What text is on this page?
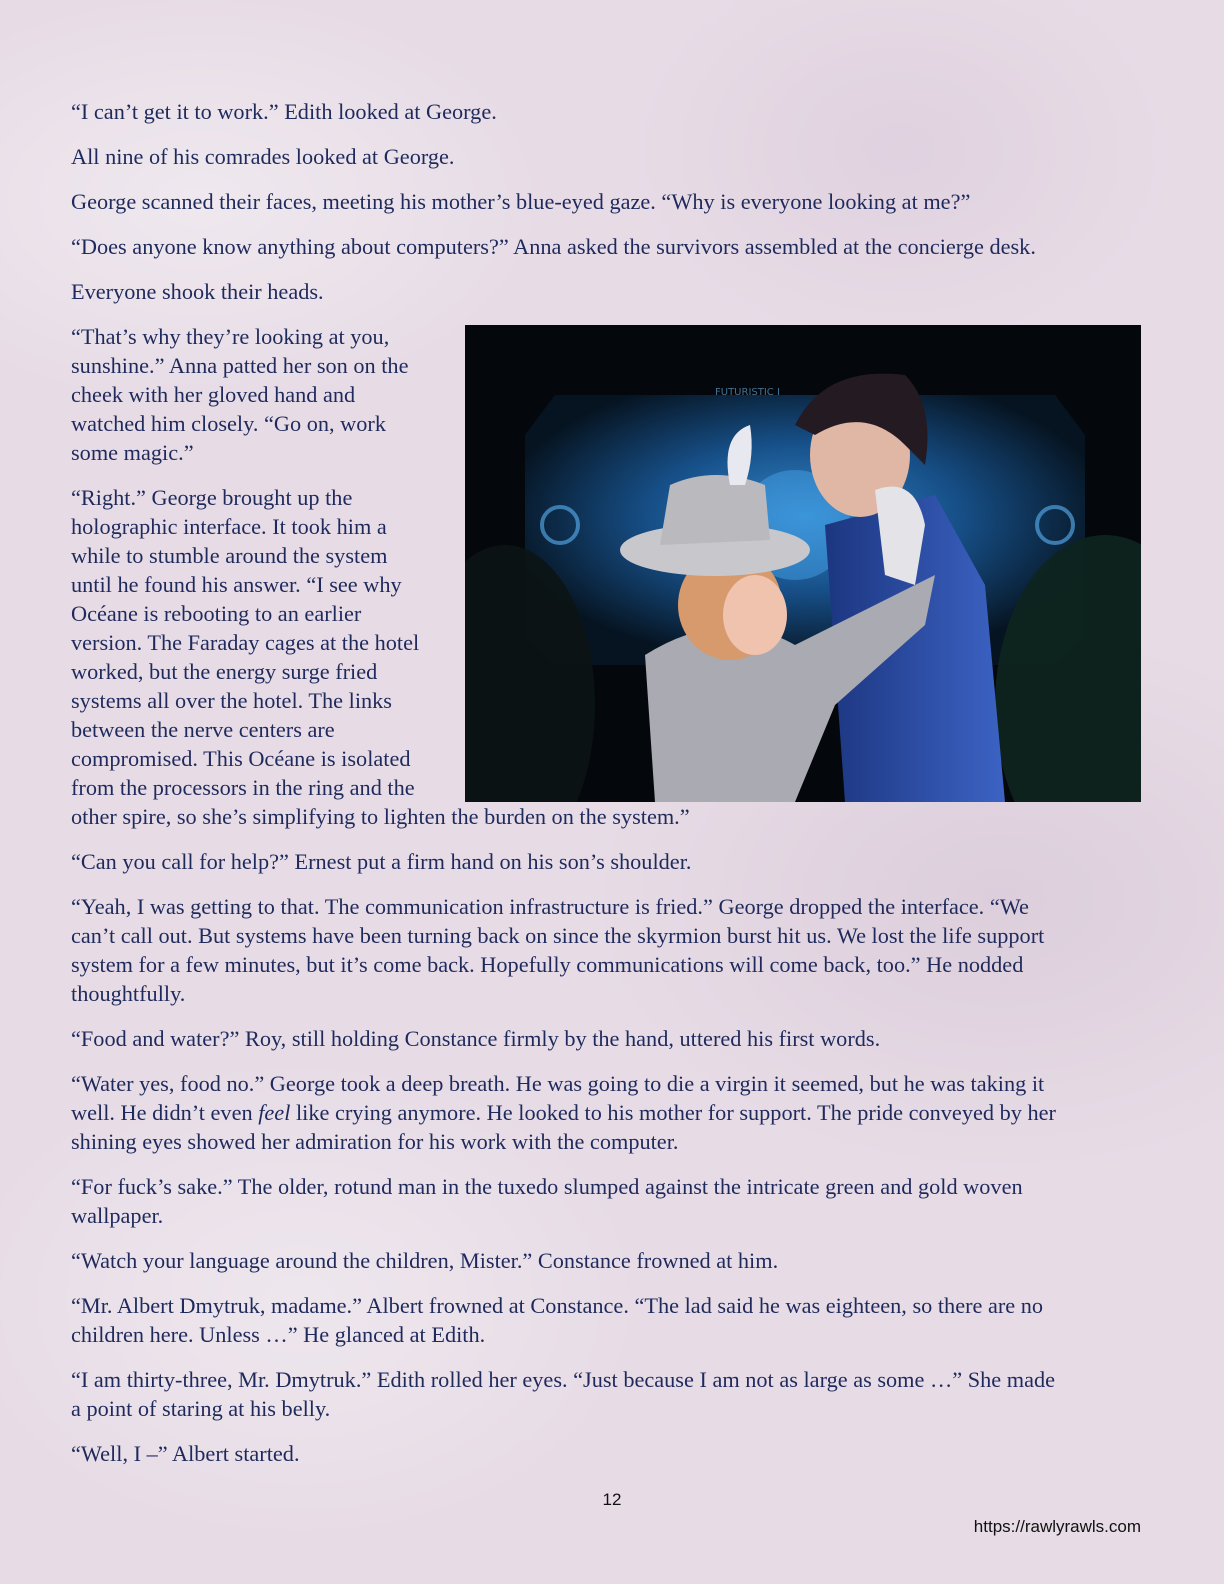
“I can’t get it to work.” Edith looked at George.
All nine of his comrades looked at George.
George scanned their faces, meeting his mother’s blue-eyed gaze. “Why is everyone looking at me?”
“Does anyone know anything about computers?” Anna asked the survivors assembled at the concierge desk.
Everyone shook their heads.
“That’s why they’re looking at you,
sunshine.” Anna patted her son on the
cheek with her gloved hand and
watched him closely. “Go on, work
some magic.”
“Right.” George brought up the
holographic interface. It took him a
while to stumble around the system
until he found his answer. “I see why
Océane is rebooting to an earlier
version. The Faraday cages at the hotel
worked, but the energy surge fried
systems all over the hotel. The links
between the nerve centers are
compromised. This Océane is isolated
from the processors in the ring and the
other spire, so she’s simplifying to lighten the burden on the system.”
“Can you call for help?” Ernest put a firm hand on his son’s shoulder.
“Yeah, I was getting to that. The communication infrastructure is fried.” George dropped the interface. “We
can’t call out. But systems have been turning back on since the skyrmion burst hit us. We lost the life support
system for a few minutes, but it’s come back. Hopefully communications will come back, too.” He nodded
thoughtfully.
“Food and water?” Roy, still holding Constance firmly by the hand, uttered his first words.
“Water yes, food no.” George took a deep breath. He was going to die a virgin it seemed, but he was taking it
well. He didn’t even feel like crying anymore. He looked to his mother for support. The pride conveyed by her
shining eyes showed her admiration for his work with the computer.
“For fuck’s sake.” The older, rotund man in the tuxedo slumped against the intricate green and gold woven
wallpaper.
“Watch your language around the children, Mister.” Constance frowned at him.
“Mr. Albert Dmytruk, madame.” Albert frowned at Constance. “The lad said he was eighteen, so there are no
children here. Unless …” He glanced at Edith.
“I am thirty-three, Mr. Dmytruk.” Edith rolled her eyes. “Just because I am not as large as some …” She made
a point of staring at his belly.
“Well, I –” Albert started.
FUTURISTIC I
12
https://rawlyrawls.com
